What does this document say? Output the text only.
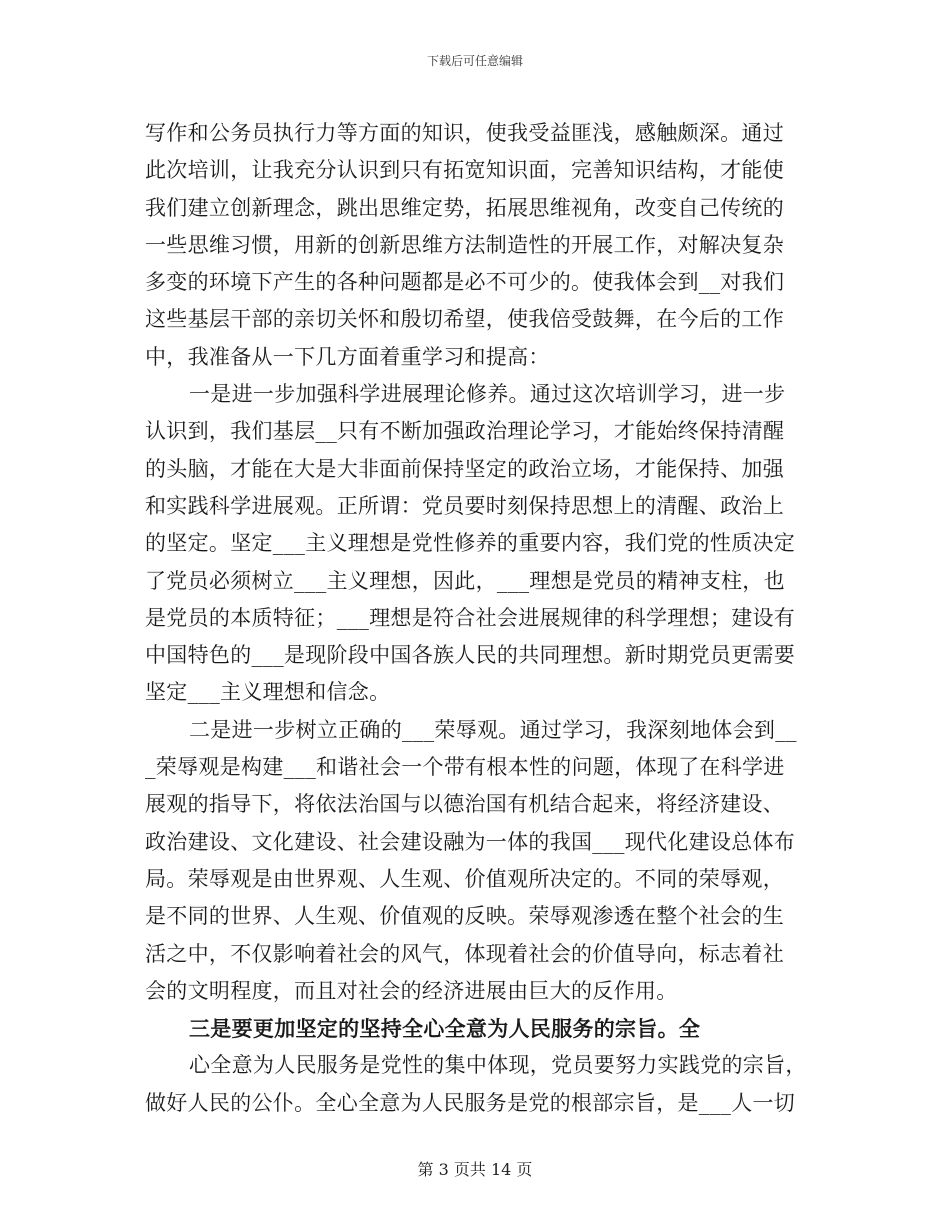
下载后可任意编辑
写作和公务员执行力等方面的知识，使我受益匪浅，感触颇深。通过
此次培训，让我充分认识到只有拓宽知识面，完善知识结构，才能使
我们建立创新理念，跳出思维定势，拓展思维视角，改变自己传统的
一些思维习惯，用新的创新思维方法制造性的开展工作，对解决复杂
多变的环境下产生的各种问题都是必不可少的。使我体会到__对我们
这些基层干部的亲切关怀和殷切希望，使我倍受鼓舞，在今后的工作
中，我准备从一下几方面着重学习和提高：
一是进一步加强科学进展理论修养。通过这次培训学习，进一步
认识到，我们基层__只有不断加强政治理论学习，才能始终保持清醒
的头脑，才能在大是大非面前保持坚定的政治立场，才能保持、加强
和实践科学进展观。正所谓：党员要时刻保持思想上的清醒、政治上
的坚定。坚定___主义理想是党性修养的重要内容，我们党的性质决定
了党员必须树立___主义理想，因此，___理想是党员的精神支柱，也
是党员的本质特征；___理想是符合社会进展规律的科学理想；建设有
中国特色的___是现阶段中国各族人民的共同理想。新时期党员更需要
坚定___主义理想和信念。
二是进一步树立正确的___荣辱观。通过学习，我深刻地体会到__
_荣辱观是构建___和谐社会一个带有根本性的问题，体现了在科学进
展观的指导下，将依法治国与以德治国有机结合起来，将经济建设、
政治建设、文化建设、社会建设融为一体的我国___现代化建设总体布
局。荣辱观是由世界观、人生观、价值观所决定的。不同的荣辱观，
是不同的世界、人生观、价值观的反映。荣辱观渗透在整个社会的生
活之中，不仅影响着社会的风气，体现着社会的价值导向，标志着社
会的文明程度，而且对社会的经济进展由巨大的反作用。
三是要更加坚定的坚持全心全意为人民服务的宗旨。全
心全意为人民服务是党性的集中体现，党员要努力实践党的宗旨，
做好人民的公仆。全心全意为人民服务是党的根部宗旨，是___人一切
第 3 页共 14 页
